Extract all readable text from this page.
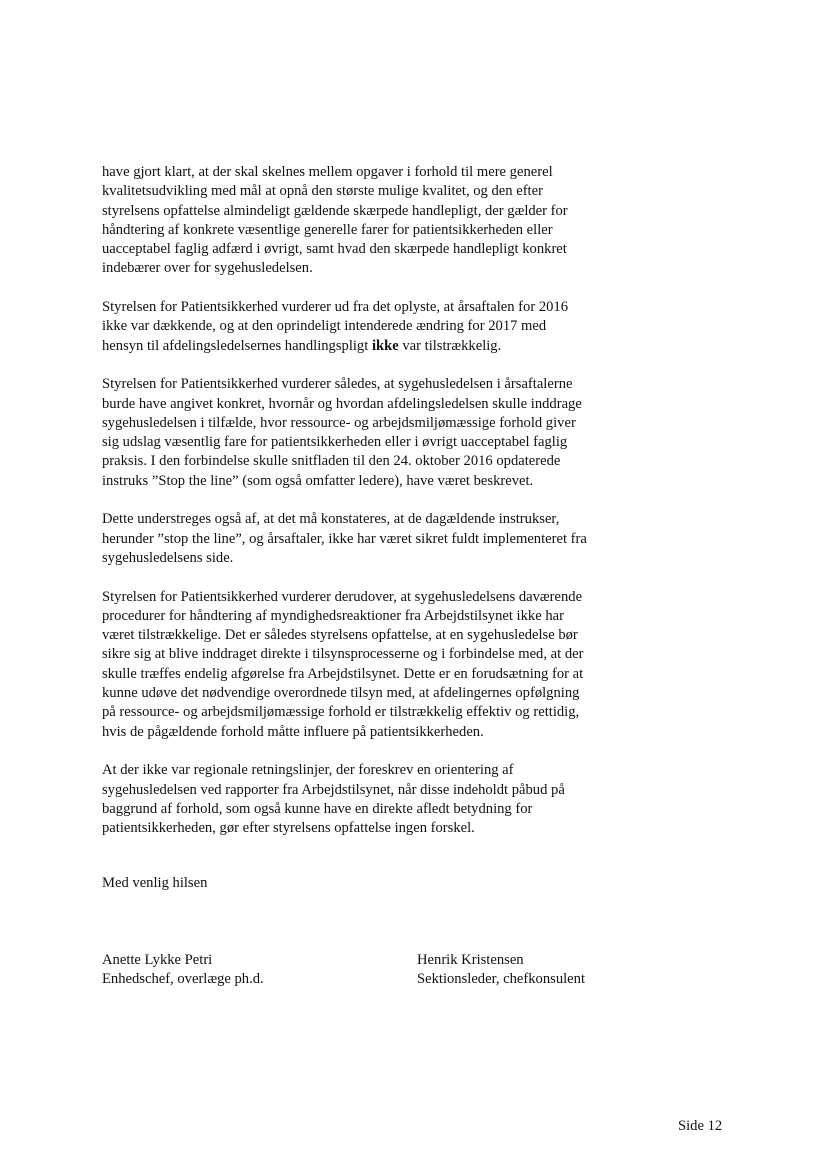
have gjort klart, at der skal skelnes mellem opgaver i forhold til mere generel
kvalitetsudvikling med mål at opnå den største mulige kvalitet, og den efter
styrelsens opfattelse almindeligt gældende skærpede handlepligt, der gælder for
håndtering af konkrete væsentlige generelle farer for patientsikkerheden eller
uacceptabel faglig adfærd i øvrigt, samt hvad den skærpede handlepligt konkret
indebærer over for sygehusledelsen.
Styrelsen for Patientsikkerhed vurderer ud fra det oplyste, at årsaftalen for 2016
ikke var dækkende, og at den oprindeligt intenderede ændring for 2017 med
hensyn til afdelingsledelsernes handlingspligt ikke var tilstrækkelig.
Styrelsen for Patientsikkerhed vurderer således, at sygehusledelsen i årsaftalerne
burde have angivet konkret, hvornår og hvordan afdelingsledelsen skulle inddrage
sygehusledelsen i tilfælde, hvor ressource- og arbejdsmiljømæssige forhold giver
sig udslag væsentlig fare for patientsikkerheden eller i øvrigt uacceptabel faglig
praksis. I den forbindelse skulle snitfladen til den 24. oktober 2016 opdaterede
instruks ”Stop the line” (som også omfatter ledere), have været beskrevet.
Dette understreges også af, at det må konstateres, at de dagældende instrukser,
herunder ”stop the line”, og årsaftaler, ikke har været sikret fuldt implementeret fra
sygehusledelsens side.
Styrelsen for Patientsikkerhed vurderer derudover, at sygehusledelsens daværende
procedurer for håndtering af myndighedsreaktioner fra Arbejdstilsynet ikke har
været tilstrækkelige. Det er således styrelsens opfattelse, at en sygehusledelse bør
sikre sig at blive inddraget direkte i tilsynsprocesserne og i forbindelse med, at der
skulle træffes endelig afgørelse fra Arbejdstilsynet. Dette er en forudsætning for at
kunne udøve det nødvendige overordnede tilsyn med, at afdelingernes opfølgning
på ressource- og arbejdsmiljømæssige forhold er tilstrækkelig effektiv og rettidig,
hvis de pågældende forhold måtte influere på patientsikkerheden.
At der ikke var regionale retningslinjer, der foreskrev en orientering af
sygehusledelsen ved rapporter fra Arbejdstilsynet, når disse indeholdt påbud på
baggrund af forhold, som også kunne have en direkte afledt betydning for
patientsikkerheden, gør efter styrelsens opfattelse ingen forskel.
Med venlig hilsen
Anette Lykke Petri
Enhedschef, overlæge ph.d.
Henrik Kristensen
Sektionsleder, chefkonsulent
Side 12
